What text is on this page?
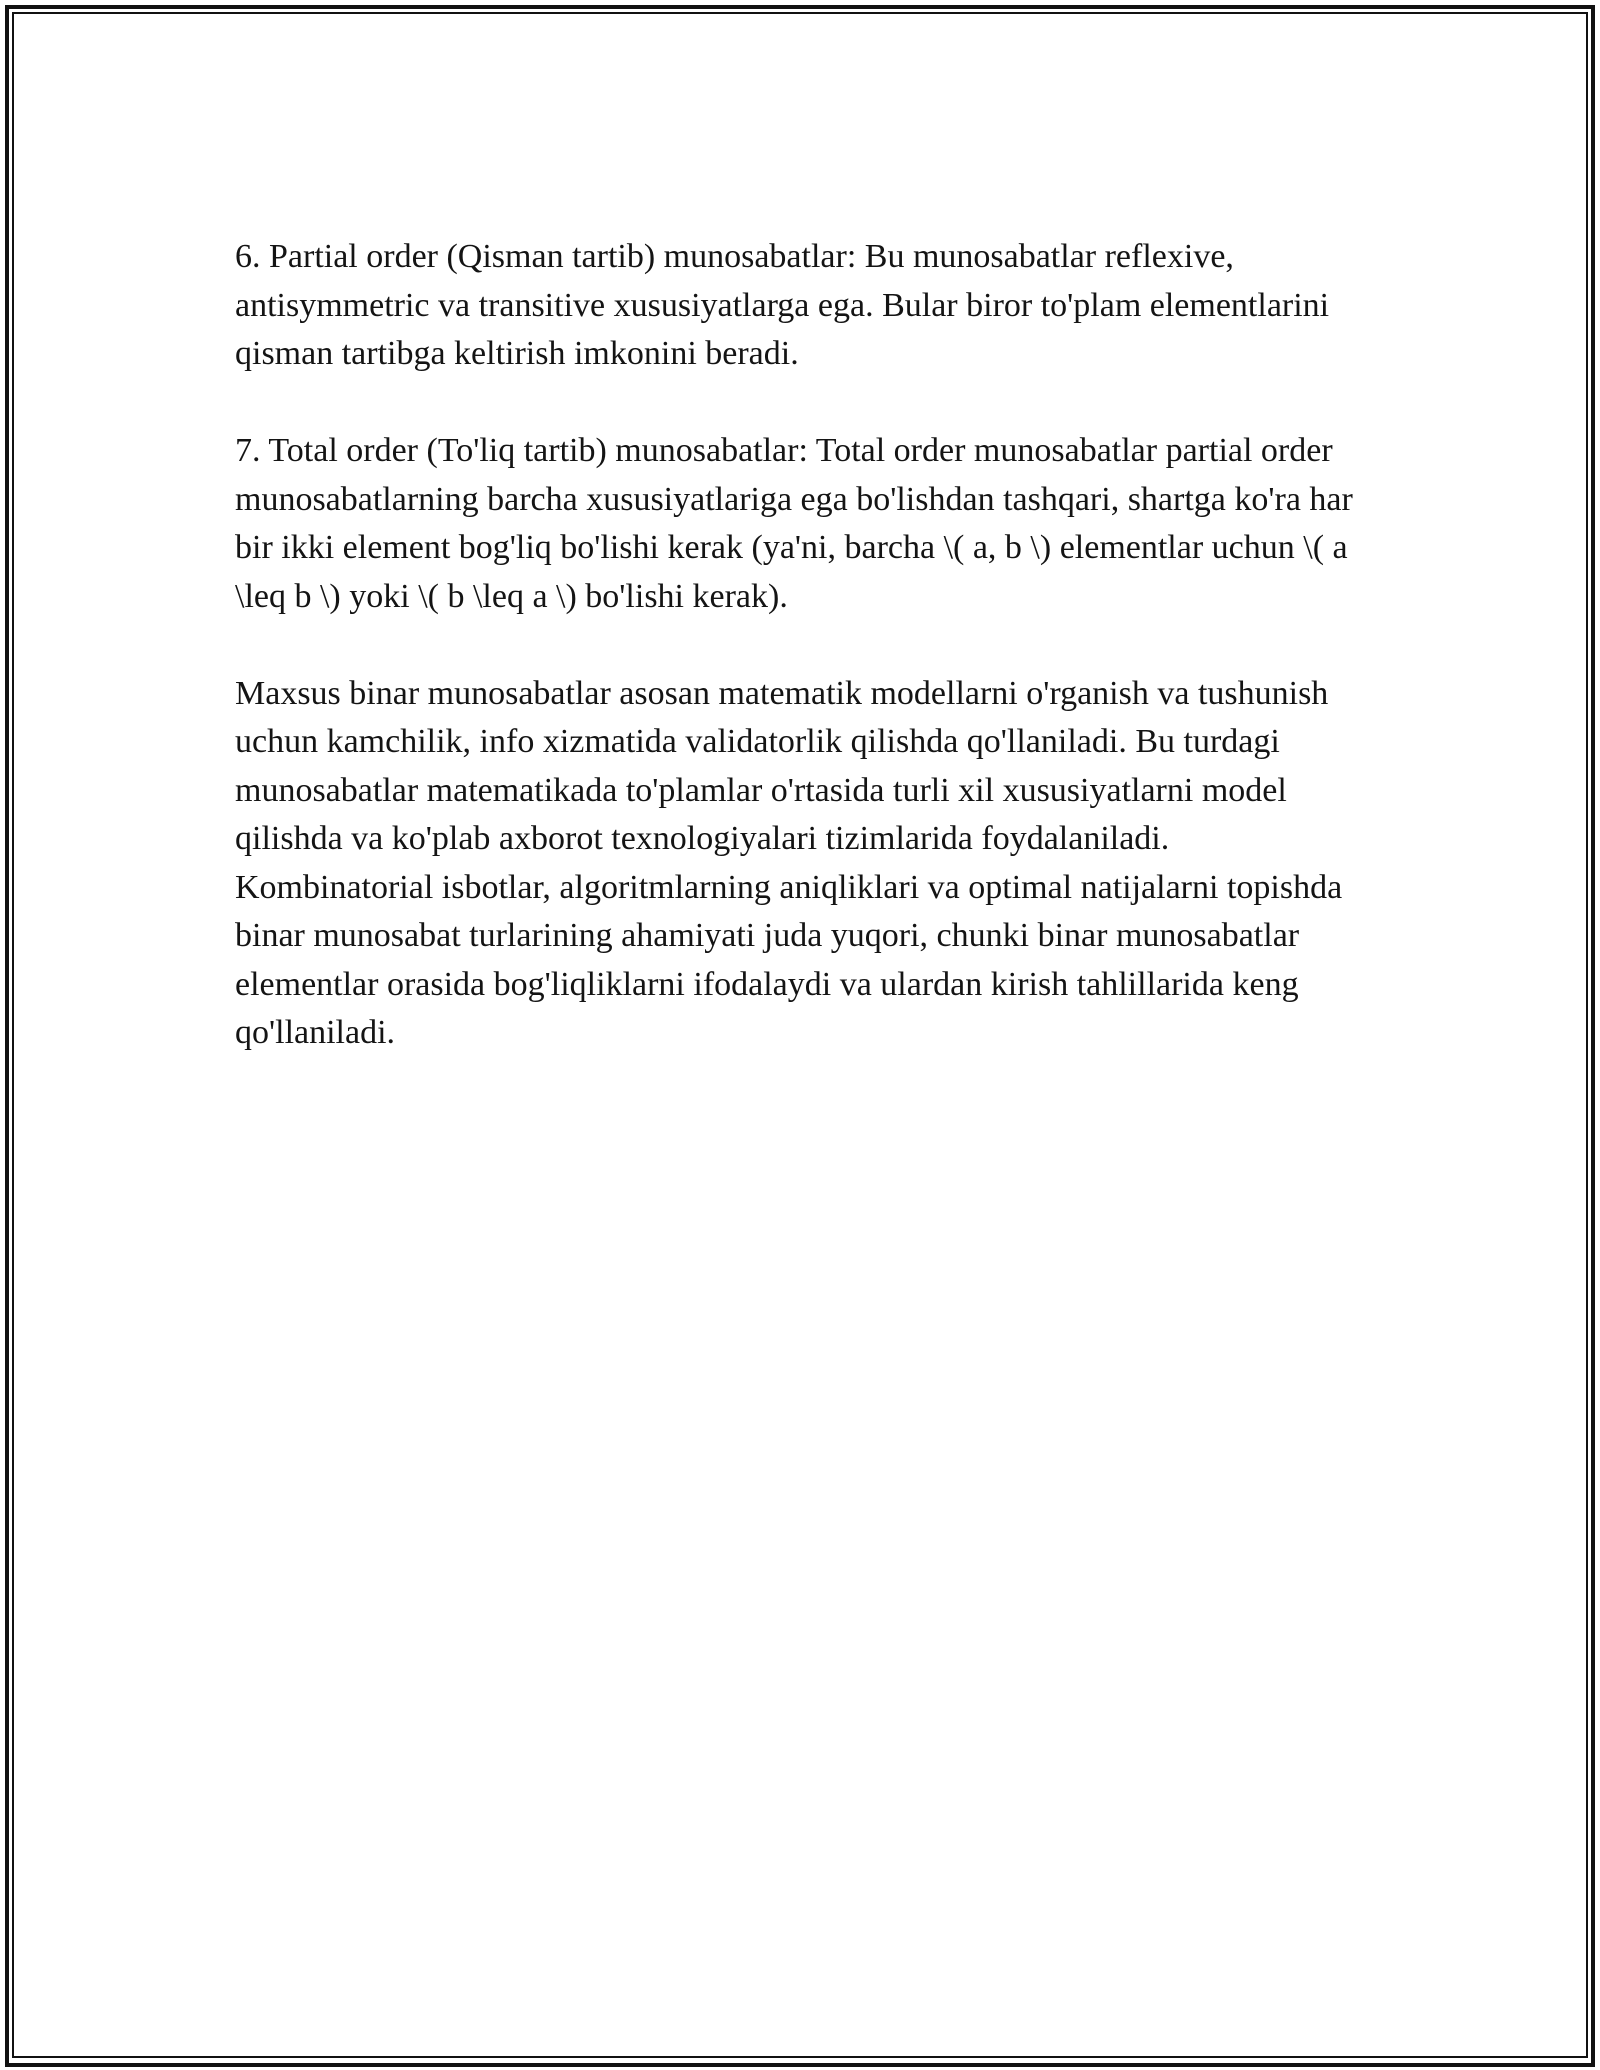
6. Partial order (Qisman tartib) munosabatlar: Bu munosabatlar reflexive, antisymmetric va transitive xususiyatlarga ega. Bular biror to'plam elementlarini qisman tartibga keltirish imkonini beradi.

7. Total order (To'liq tartib) munosabatlar: Total order munosabatlar partial order munosabatlarning barcha xususiyatlariga ega bo'lishdan tashqari, shartga ko'ra har bir ikki element bog'liq bo'lishi kerak (ya'ni, barcha \( a, b \) elementlar uchun \( a \leq b \) yoki \( b \leq a \) bo'lishi kerak).

Maxsus binar munosabatlar asosan matematik modellarni o'rganish va tushunish uchun kamchilik, info xizmatida validatorlik qilishda qo'llaniladi. Bu turdagi munosabatlar matematikada to'plamlar o'rtasida turli xil xususiyatlarni model qilishda va ko'plab axborot texnologiyalari tizimlarida foydalaniladi. Kombinatorial isbotlar, algoritmlarning aniqliklari va optimal natijalarni topishda binar munosabat turlarining ahamiyati juda yuqori, chunki binar munosabatlar elementlar orasida bog'liqliklarni ifodalaydi va ulardan kirish tahlillarida keng qo'llaniladi.
